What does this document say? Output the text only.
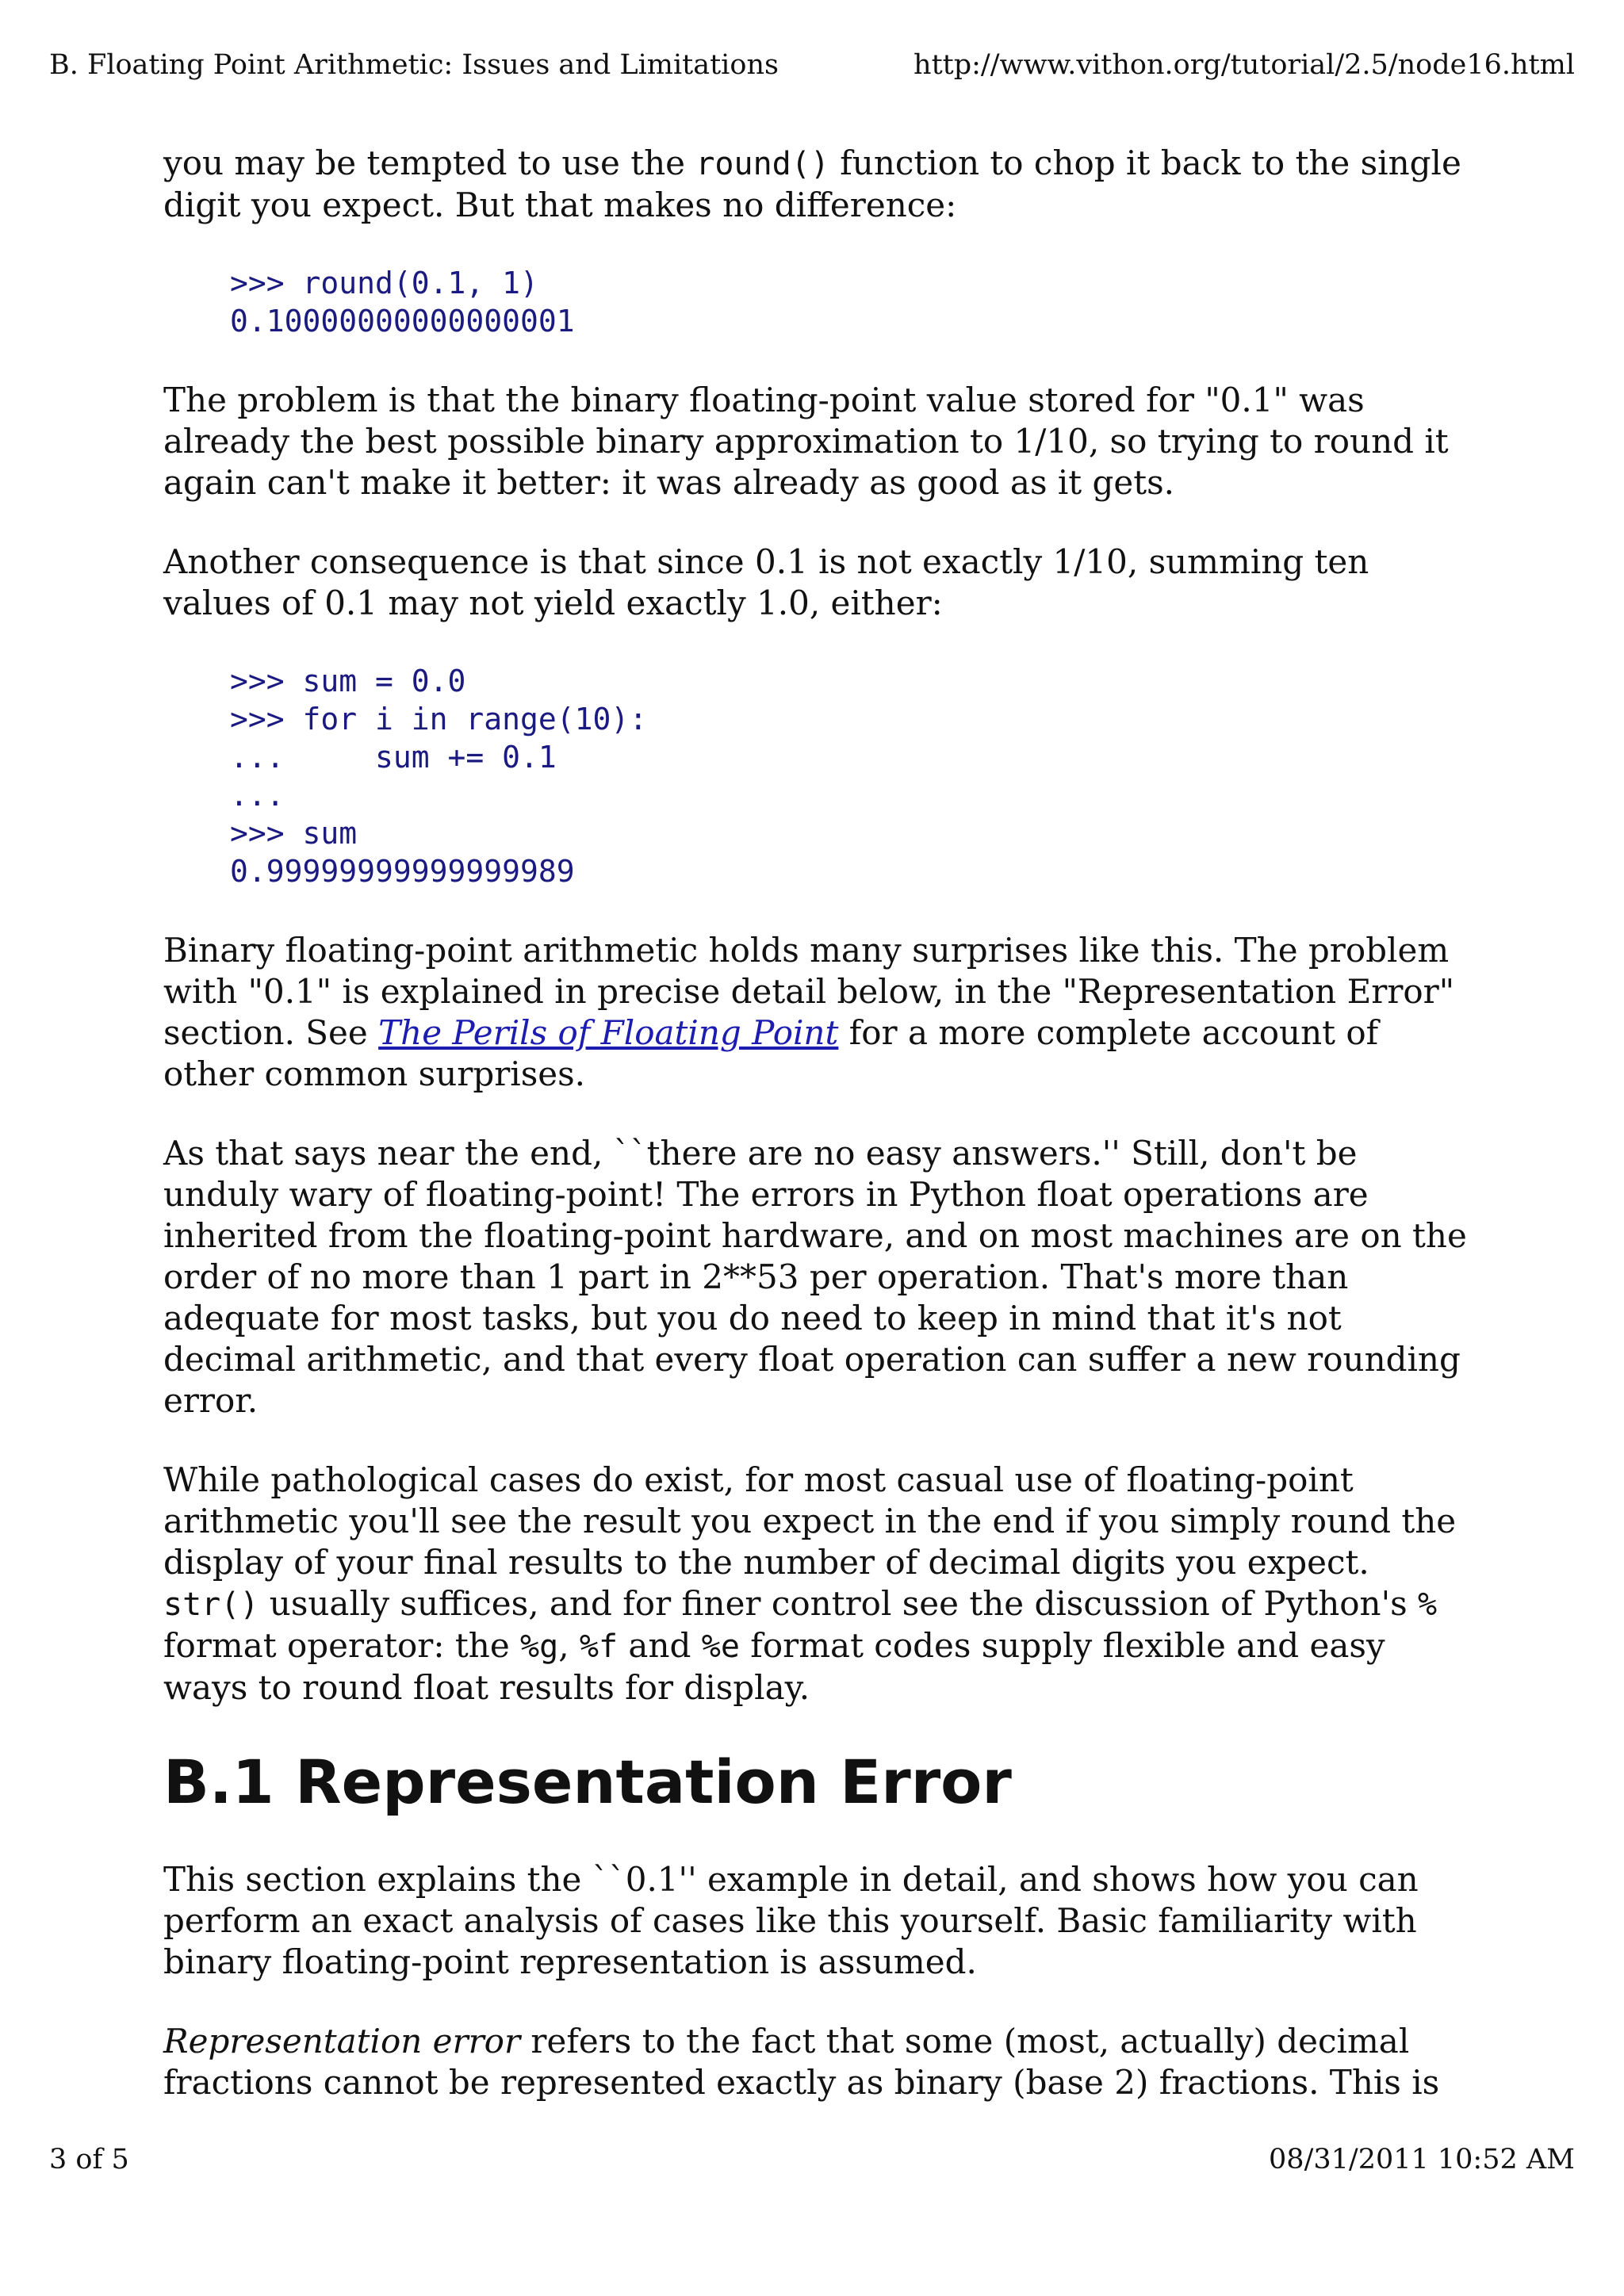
B. Floating Point Arithmetic: Issues and Limitations	http://www.vithon.org/tutorial/2.5/node16.html

you may be tempted to use the round() function to chop it back to the single digit you expect. But that makes no difference:

>>> round(0.1, 1)
0.10000000000000001

The problem is that the binary floating-point value stored for "0.1" was already the best possible binary approximation to 1/10, so trying to round it again can't make it better: it was already as good as it gets.

Another consequence is that since 0.1 is not exactly 1/10, summing ten values of 0.1 may not yield exactly 1.0, either:

>>> sum = 0.0
>>> for i in range(10):
...     sum += 0.1
...
>>> sum
0.99999999999999989

Binary floating-point arithmetic holds many surprises like this. The problem with "0.1" is explained in precise detail below, in the "Representation Error" section. See The Perils of Floating Point for a more complete account of other common surprises.

As that says near the end, ``there are no easy answers.'' Still, don't be unduly wary of floating-point! The errors in Python float operations are inherited from the floating-point hardware, and on most machines are on the order of no more than 1 part in 2**53 per operation. That's more than adequate for most tasks, but you do need to keep in mind that it's not decimal arithmetic, and that every float operation can suffer a new rounding error.

While pathological cases do exist, for most casual use of floating-point arithmetic you'll see the result you expect in the end if you simply round the display of your final results to the number of decimal digits you expect. str() usually suffices, and for finer control see the discussion of Python's % format operator: the %g, %f and %e format codes supply flexible and easy ways to round float results for display.

B.1 Representation Error

This section explains the ``0.1'' example in detail, and shows how you can perform an exact analysis of cases like this yourself. Basic familiarity with binary floating-point representation is assumed.

Representation error refers to the fact that some (most, actually) decimal fractions cannot be represented exactly as binary (base 2) fractions. This is

3 of 5	08/31/2011 10:52 AM
